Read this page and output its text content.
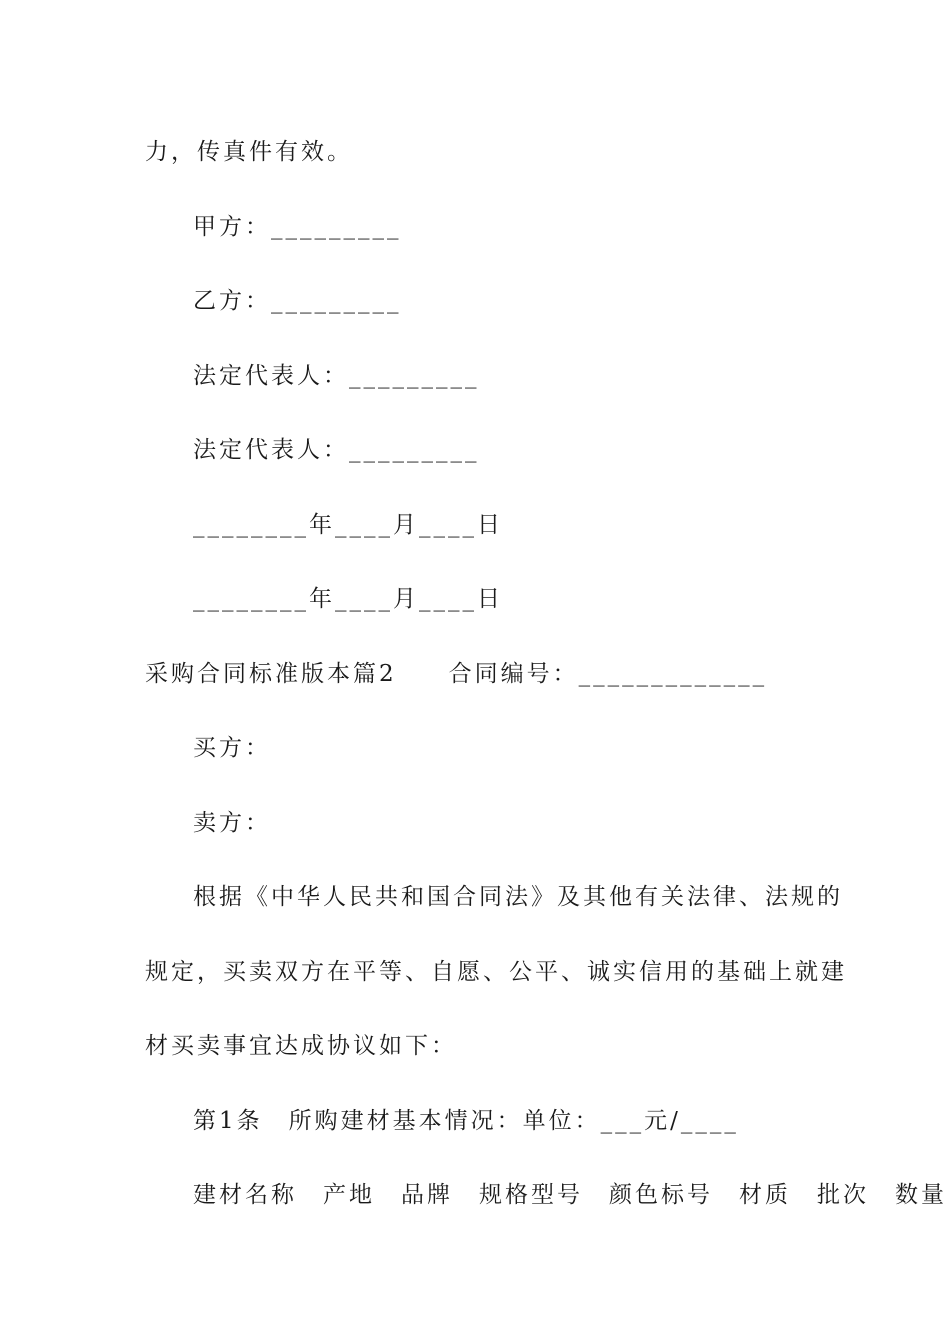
力，传真件有效。
甲方：_________
乙方：_________
法定代表人：_________
法定代表人：_________
________年____月____日
________年____月____日
采购合同标准版本篇2　　合同编号：_____________
买方：
卖方：
根据《中华人民共和国合同法》及其他有关法律、法规的
规定，买卖双方在平等、自愿、公平、诚实信用的基础上就建
材买卖事宜达成协议如下：
第1条　所购建材基本情况：单位：___元/____
建材名称　产地　品牌　规格型号　颜色标号　材质　批次　数量
